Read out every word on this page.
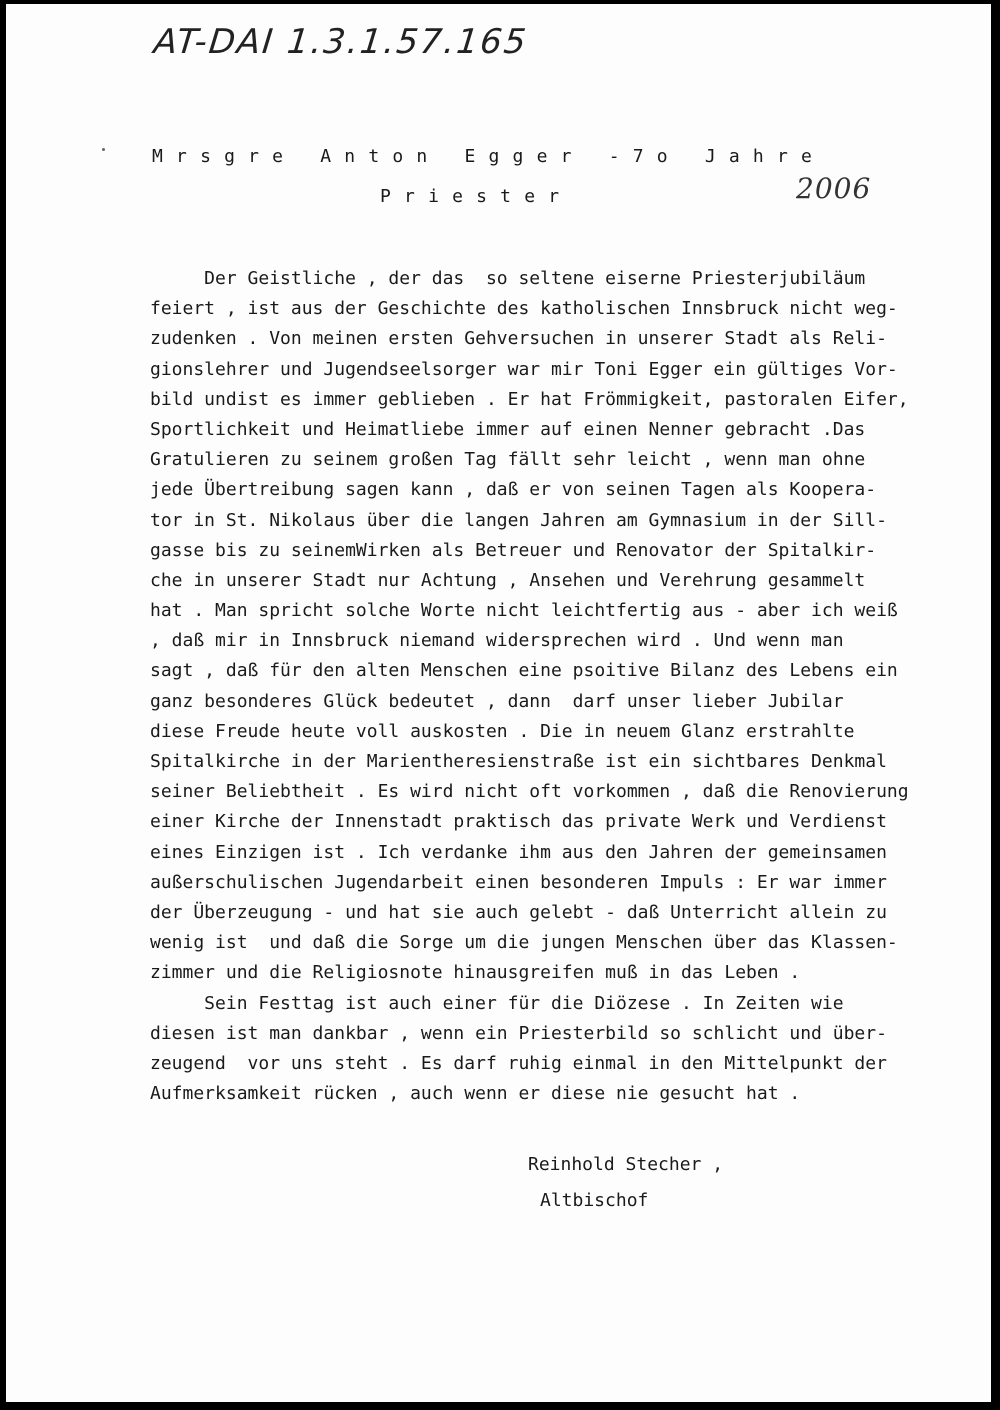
AT-DAI 1.3.1.57.165
2006
Mrsgre Anton Egger -7o Jahre
Priester
Der Geistliche , der das  so seltene eiserne Priesterjubiläum
feiert , ist aus der Geschichte des katholischen Innsbruck nicht weg-
zudenken . Von meinen ersten Gehversuchen in unserer Stadt als Reli-
gionslehrer und Jugendseelsorger war mir Toni Egger ein gültiges Vor-
bild undist es immer geblieben . Er hat Frömmigkeit, pastoralen Eifer,
Sportlichkeit und Heimatliebe immer auf einen Nenner gebracht .Das
Gratulieren zu seinem großen Tag fällt sehr leicht , wenn man ohne
jede Übertreibung sagen kann , daß er von seinen Tagen als Koopera-
tor in St. Nikolaus über die langen Jahren am Gymnasium in der Sill-
gasse bis zu seinemWirken als Betreuer und Renovator der Spitalkir-
che in unserer Stadt nur Achtung , Ansehen und Verehrung gesammelt
hat . Man spricht solche Worte nicht leichtfertig aus - aber ich weiß
, daß mir in Innsbruck niemand widersprechen wird . Und wenn man
sagt , daß für den alten Menschen eine psoitive Bilanz des Lebens ein
ganz besonderes Glück bedeutet , dann  darf unser lieber Jubilar
diese Freude heute voll auskosten . Die in neuem Glanz erstrahlte
Spitalkirche in der Marientheresienstraße ist ein sichtbares Denkmal
seiner Beliebtheit . Es wird nicht oft vorkommen , daß die Renovierung
einer Kirche der Innenstadt praktisch das private Werk und Verdienst
eines Einzigen ist . Ich verdanke ihm aus den Jahren der gemeinsamen
außerschulischen Jugendarbeit einen besonderen Impuls : Er war immer
der Überzeugung - und hat sie auch gelebt - daß Unterricht allein zu
wenig ist  und daß die Sorge um die jungen Menschen über das Klassen-
zimmer und die Religiosnote hinausgreifen muß in das Leben .
Sein Festtag ist auch einer für die Diözese . In Zeiten wie
diesen ist man dankbar , wenn ein Priesterbild so schlicht und über-
zeugend  vor uns steht . Es darf ruhig einmal in den Mittelpunkt der
Aufmerksamkeit rücken , auch wenn er diese nie gesucht hat .
Reinhold Stecher ,
Altbischof
